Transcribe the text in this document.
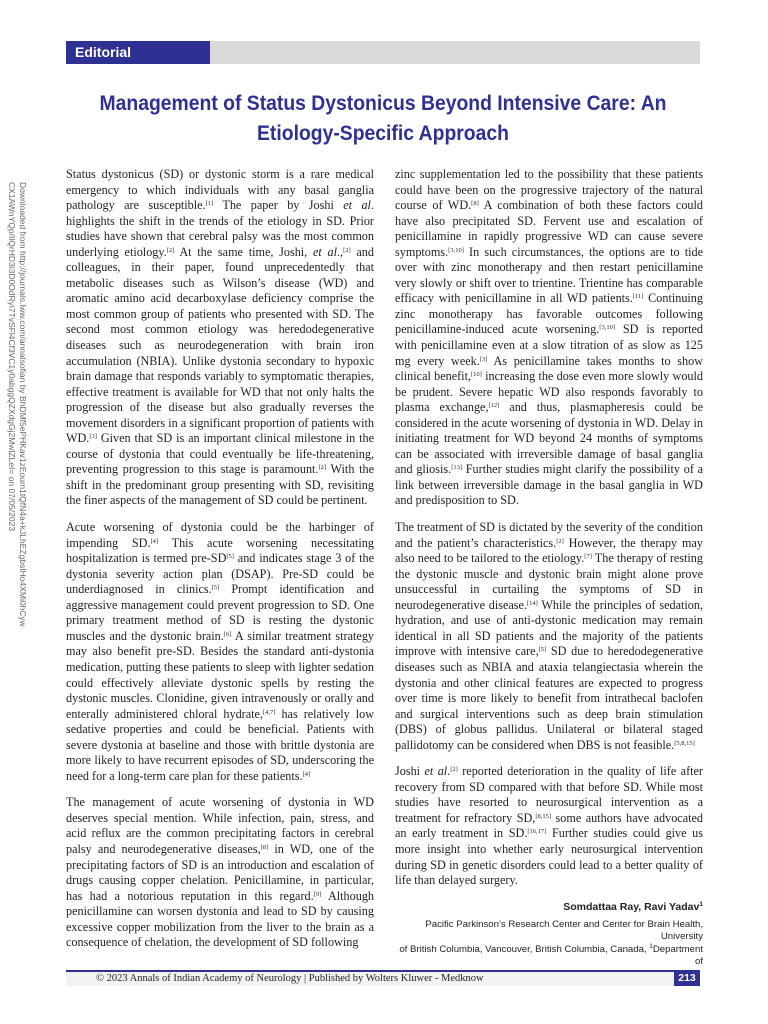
Editorial Commentary
Management of Status Dystonicus Beyond Intensive Care: An Etiology-Specific Approach
Downloaded from http://journals.lww.com/annalsofian by BhDMf5ePHKav1zEoum1tQfN4a+kJLhEZgbsIHo4XMi0hCywCX1AWnYQp/IlQrHD3i3D0OdRyi7TvSFl4Cf3VC1y0abggQZXdgGj2MwlZLeI= on 07/05/2023

Status dystonicus (SD) or dystonic storm is a rare medical emergency to which individuals with any basal ganglia pathology are susceptible.[1] The paper by Joshi et al. highlights the shift in the trends of the etiology in SD. Prior studies have shown that cerebral palsy was the most common underlying etiology.[2] At the same time, Joshi, et al.,[2] and colleagues, in their paper, found unprecedentedly that metabolic diseases such as Wilson’s disease (WD) and aromatic amino acid decarboxylase deficiency comprise the most common group of patients who presented with SD. The second most common etiology was heredodegenerative diseases such as neurodegeneration with brain iron accumulation (NBIA). Unlike dystonia secondary to hypoxic brain damage that responds variably to symptomatic therapies, effective treatment is available for WD that not only halts the progression of the disease but also gradually reverses the movement disorders in a significant proportion of patients with WD.[3] Given that SD is an important clinical milestone in the course of dystonia that could eventually be life-threatening, preventing progression to this stage is paramount.[2] With the shift in the predominant group presenting with SD, revisiting the finer aspects of the management of SD could be pertinent.

Acute worsening of dystonia could be the harbinger of impending SD.[4] This acute worsening necessitating hospitalization is termed pre-SD[5] and indicates stage 3 of the dystonia severity action plan (DSAP). Pre-SD could be underdiagnosed in clinics.[5] Prompt identification and aggressive management could prevent progression to SD. One primary treatment method of SD is resting the dystonic muscles and the dystonic brain.[6] A similar treatment strategy may also benefit pre-SD. Besides the standard anti-dystonia medication, putting these patients to sleep with lighter sedation could effectively alleviate dystonic spells by resting the dystonic muscles. Clonidine, given intravenously or orally and enterally administered chloral hydrate,[4,7] has relatively low sedative properties and could be beneficial. Patients with severe dystonia at baseline and those with brittle dystonia are more likely to have recurrent episodes of SD, underscoring the need for a long-term care plan for these patients.[4]

The management of acute worsening of dystonia in WD deserves special mention. While infection, pain, stress, and acid reflux are the common precipitating factors in cerebral palsy and neurodegenerative diseases,[8] in WD, one of the precipitating factors of SD is an introduction and escalation of drugs causing copper chelation. Penicillamine, in particular, has had a notorious reputation in this regard.[9] Although penicillamine can worsen dystonia and lead to SD by causing excessive copper mobilization from the liver to the brain as a consequence of chelation, the development of SD following

zinc supplementation led to the possibility that these patients could have been on the progressive trajectory of the natural course of WD.[8] A combination of both these factors could have also precipitated SD. Fervent use and escalation of penicillamine in rapidly progressive WD can cause severe symptoms.[3,10] In such circumstances, the options are to tide over with zinc monotherapy and then restart penicillamine very slowly or shift over to trientine. Trientine has comparable efficacy with penicillamine in all WD patients.[11] Continuing zinc monotherapy has favorable outcomes following penicillamine-induced acute worsening.[3,10] SD is reported with penicillamine even at a slow titration of as slow as 125 mg every week.[3] As penicillamine takes months to show clinical benefit,[10] increasing the dose even more slowly would be prudent. Severe hepatic WD also responds favorably to plasma exchange,[12] and thus, plasmapheresis could be considered in the acute worsening of dystonia in WD. Delay in initiating treatment for WD beyond 24 months of symptoms can be associated with irreversible damage of basal ganglia and gliosis.[13] Further studies might clarify the possibility of a link between irreversible damage in the basal ganglia in WD and predisposition to SD.

The treatment of SD is dictated by the severity of the condition and the patient’s characteristics.[2] However, the therapy may also need to be tailored to the etiology.[7] The therapy of resting the dystonic muscle and dystonic brain might alone prove unsuccessful in curtailing the symptoms of SD in neurodegenerative disease.[14] While the principles of sedation, hydration, and use of anti-dystonic medication may remain identical in all SD patients and the majority of the patients improve with intensive care,[5] SD due to heredodegenerative diseases such as NBIA and ataxia telangiectasia wherein the dystonia and other clinical features are expected to progress over time is more likely to benefit from intrathecal baclofen and surgical interventions such as deep brain stimulation (DBS) of globus pallidus. Unilateral or bilateral staged pallidotomy can be considered when DBS is not feasible.[5,8,15]

Joshi et al.[2] reported deterioration in the quality of life after recovery from SD compared with that before SD. While most studies have resorted to neurosurgical intervention as a treatment for refractory SD,[8,15] some authors have advocated an early treatment in SD.[16,17] Further studies could give us more insight into whether early neurosurgical intervention during SD in genetic disorders could lead to a better quality of life than delayed surgery.

Somdattaa Ray, Ravi Yadav$^1$
Pacific Parkinson’s Research Center and Center for Brain Health, University
of British Columbia, Vancouver, British Columbia, Canada, $^1$Department of
© 2023 Annals of Indian Academy of Neurology | Published by Wolters Kluwer - Medknow	213
